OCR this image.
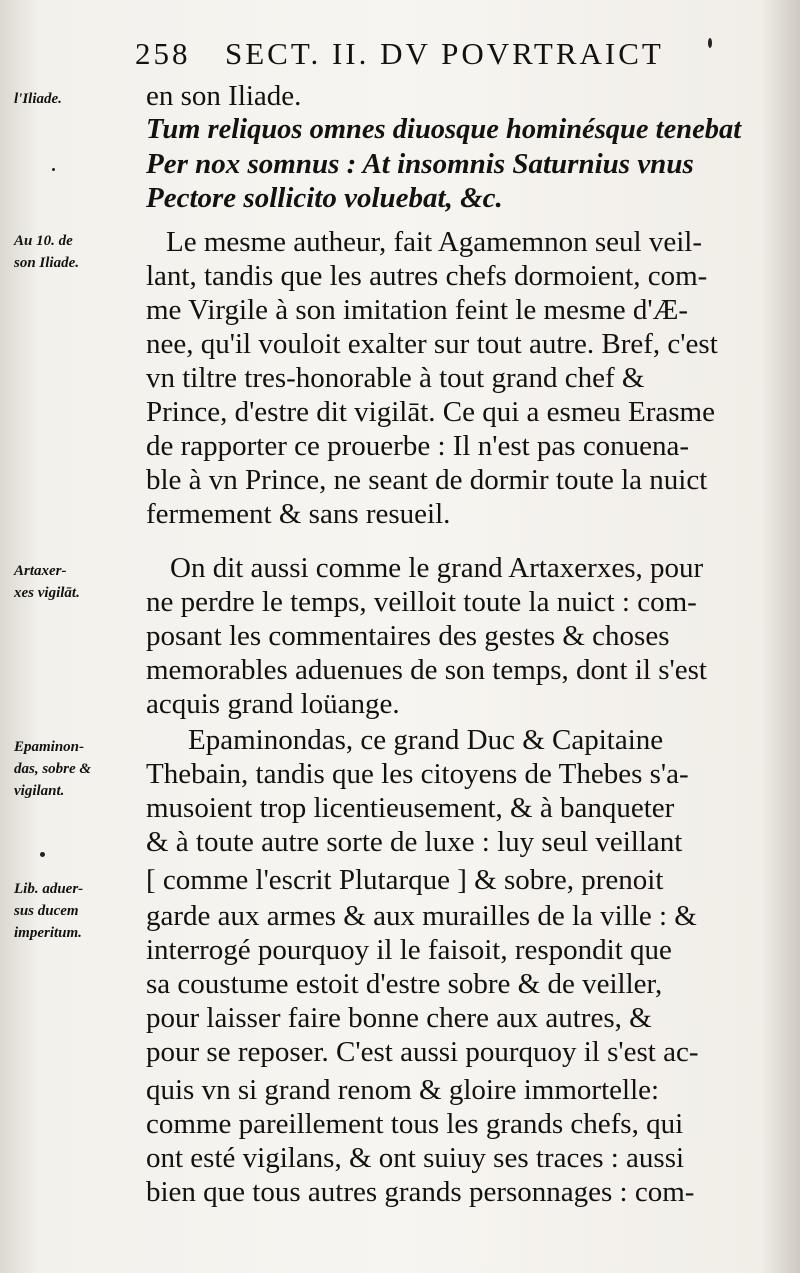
258 SECT. II. DV POVRTRAICT
l'Iliade.
Au 10. de
son Iliade.
Artaxer-
xes vigilāt.
Epaminon-
das, sobre &
vigilant.
Lib. aduer-
sus ducem
imperitum.
en son Iliade.
Tum reliquos omnes diuosque hominésque tenebat
Per nox somnus : At insomnis Saturnius vnus
Pectore sollicito voluebat, &c.
Le mesme autheur, fait Agamemnon seul veil-
lant, tandis que les autres chefs dormoient, com-
me Virgile à son imitation feint le mesme d'Æ-
nee, qu'il vouloit exalter sur tout autre. Bref, c'est
vn tiltre tres-honorable à tout grand chef &
Prince, d'estre dit vigilāt. Ce qui a esmeu Erasme
de rapporter ce prouerbe : Il n'est pas conuena-
ble à vn Prince, ne seant de dormir toute la nuict
fermement & sans resueil.
On dit aussi comme le grand Artaxerxes, pour
ne perdre le temps, veilloit toute la nuict : com-
posant les commentaires des gestes & choses
memorables aduenues de son temps, dont il s'est
acquis grand loüange.
Epaminondas, ce grand Duc & Capitaine
Thebain, tandis que les citoyens de Thebes s'a-
musoient trop licentieusement, & à banqueter
& à toute autre sorte de luxe : luy seul veillant
[ comme l'escrit Plutarque ] & sobre, prenoit
garde aux armes & aux murailles de la ville : &
interrogé pourquoy il le faisoit, respondit que
sa coustume estoit d'estre sobre & de veiller,
pour laisser faire bonne chere aux autres, &
pour se reposer. C'est aussi pourquoy il s'est ac-
quis vn si grand renom & gloire immortelle:
comme pareillement tous les grands chefs, qui
ont esté vigilans, & ont suiuy ses traces : aussi
bien que tous autres grands personnages : com-
